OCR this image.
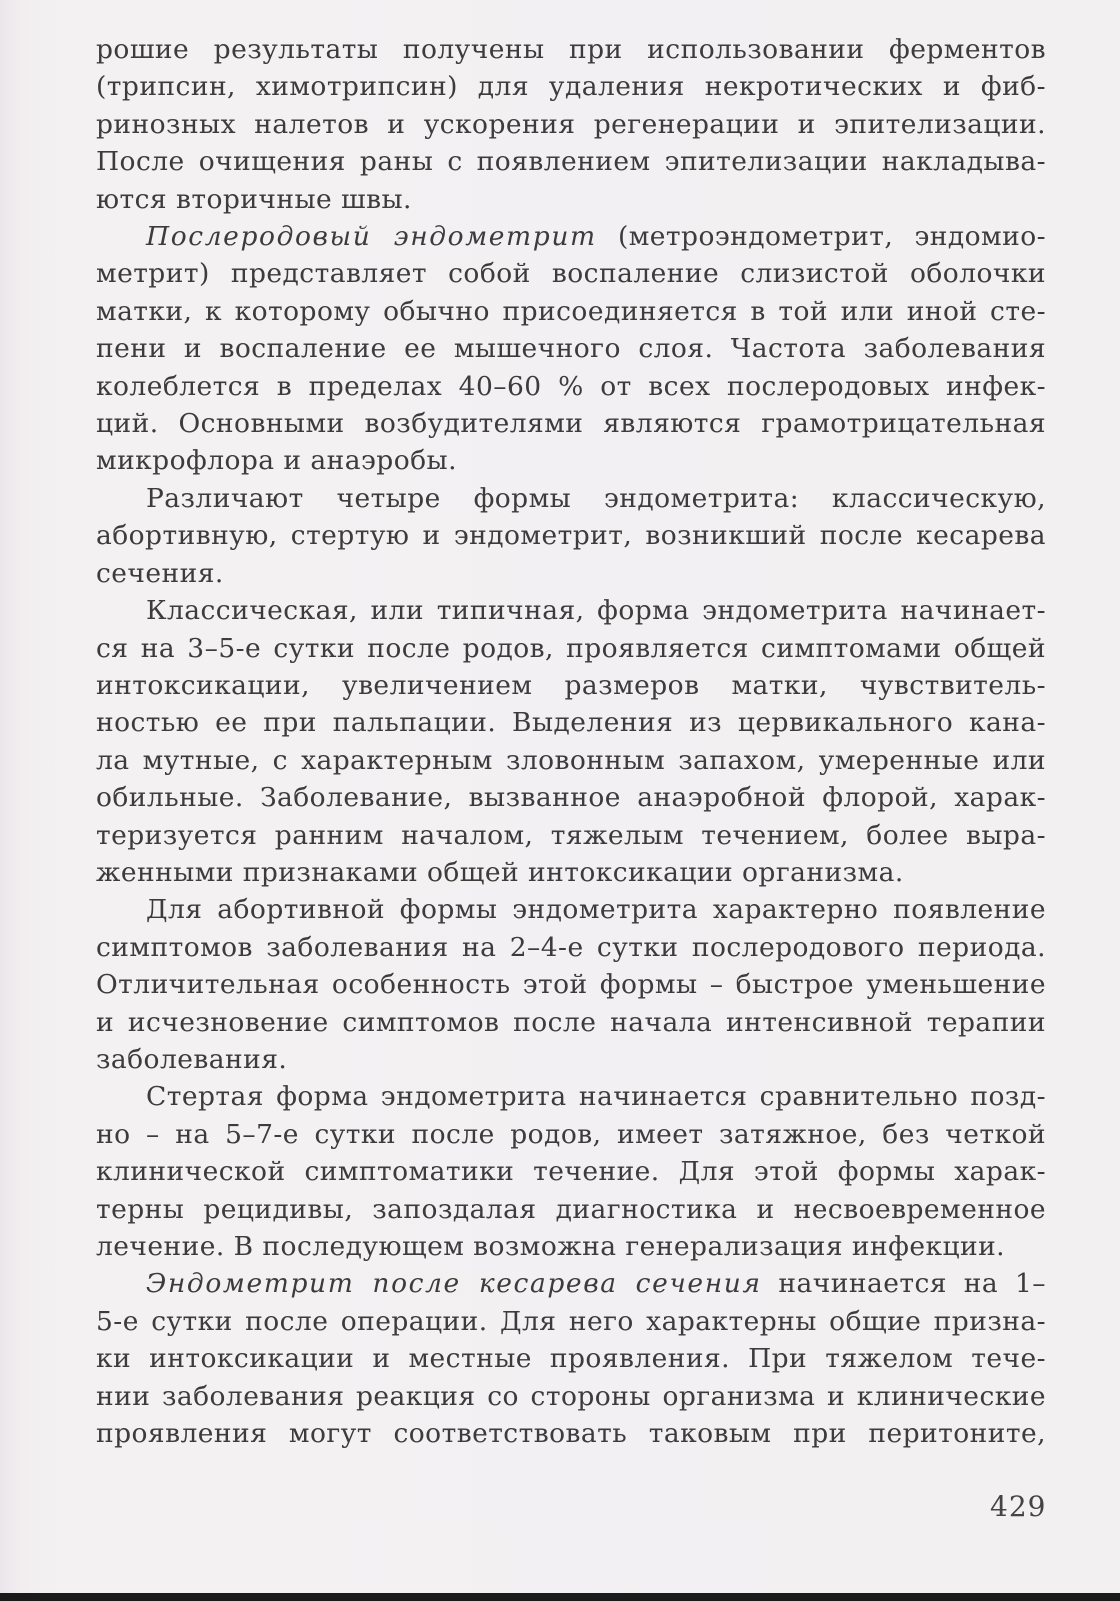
рошие результаты получены при использовании ферментов
(трипсин, химотрипсин) для удаления некротических и фиб-
ринозных налетов и ускорения регенерации и эпителизации.
После очищения раны с появлением эпителизации накладыва-
ются вторичные швы.

Послеродовый эндометрит (метроэндометрит, эндомио-
метрит) представляет собой воспаление слизистой оболочки
матки, к которому обычно присоединяется в той или иной сте-
пени и воспаление ее мышечного слоя. Частота заболевания
колеблется в пределах 40–60 % от всех послеродовых инфек-
ций. Основными возбудителями являются грамотрицательная
микрофлора и анаэробы.

Различают четыре формы эндометрита: классическую,
абортивную, стертую и эндометрит, возникший после кесарева
сечения.

Классическая, или типичная, форма эндометрита начинает-
ся на 3–5-е сутки после родов, проявляется симптомами общей
интоксикации, увеличением размеров матки, чувствитель-
ностью ее при пальпации. Выделения из цервикального кана-
ла мутные, с характерным зловонным запахом, умеренные или
обильные. Заболевание, вызванное анаэробной флорой, харак-
теризуется ранним началом, тяжелым течением, более выра-
женными признаками общей интоксикации организма.

Для абортивной формы эндометрита характерно появление
симптомов заболевания на 2–4-е сутки послеродового периода.
Отличительная особенность этой формы – быстрое уменьшение
и исчезновение симптомов после начала интенсивной терапии
заболевания.

Стертая форма эндометрита начинается сравнительно позд-
но – на 5–7-е сутки после родов, имеет затяжное, без четкой
клинической симптоматики течение. Для этой формы харак-
терны рецидивы, запоздалая диагностика и несвоевременное
лечение. В последующем возможна генерализация инфекции.

Эндометрит после кесарева сечения начинается на 1–
5-е сутки после операции. Для него характерны общие призна-
ки интоксикации и местные проявления. При тяжелом тече-
нии заболевания реакция со стороны организма и клинические
проявления могут соответствовать таковым при перитоните,

429
